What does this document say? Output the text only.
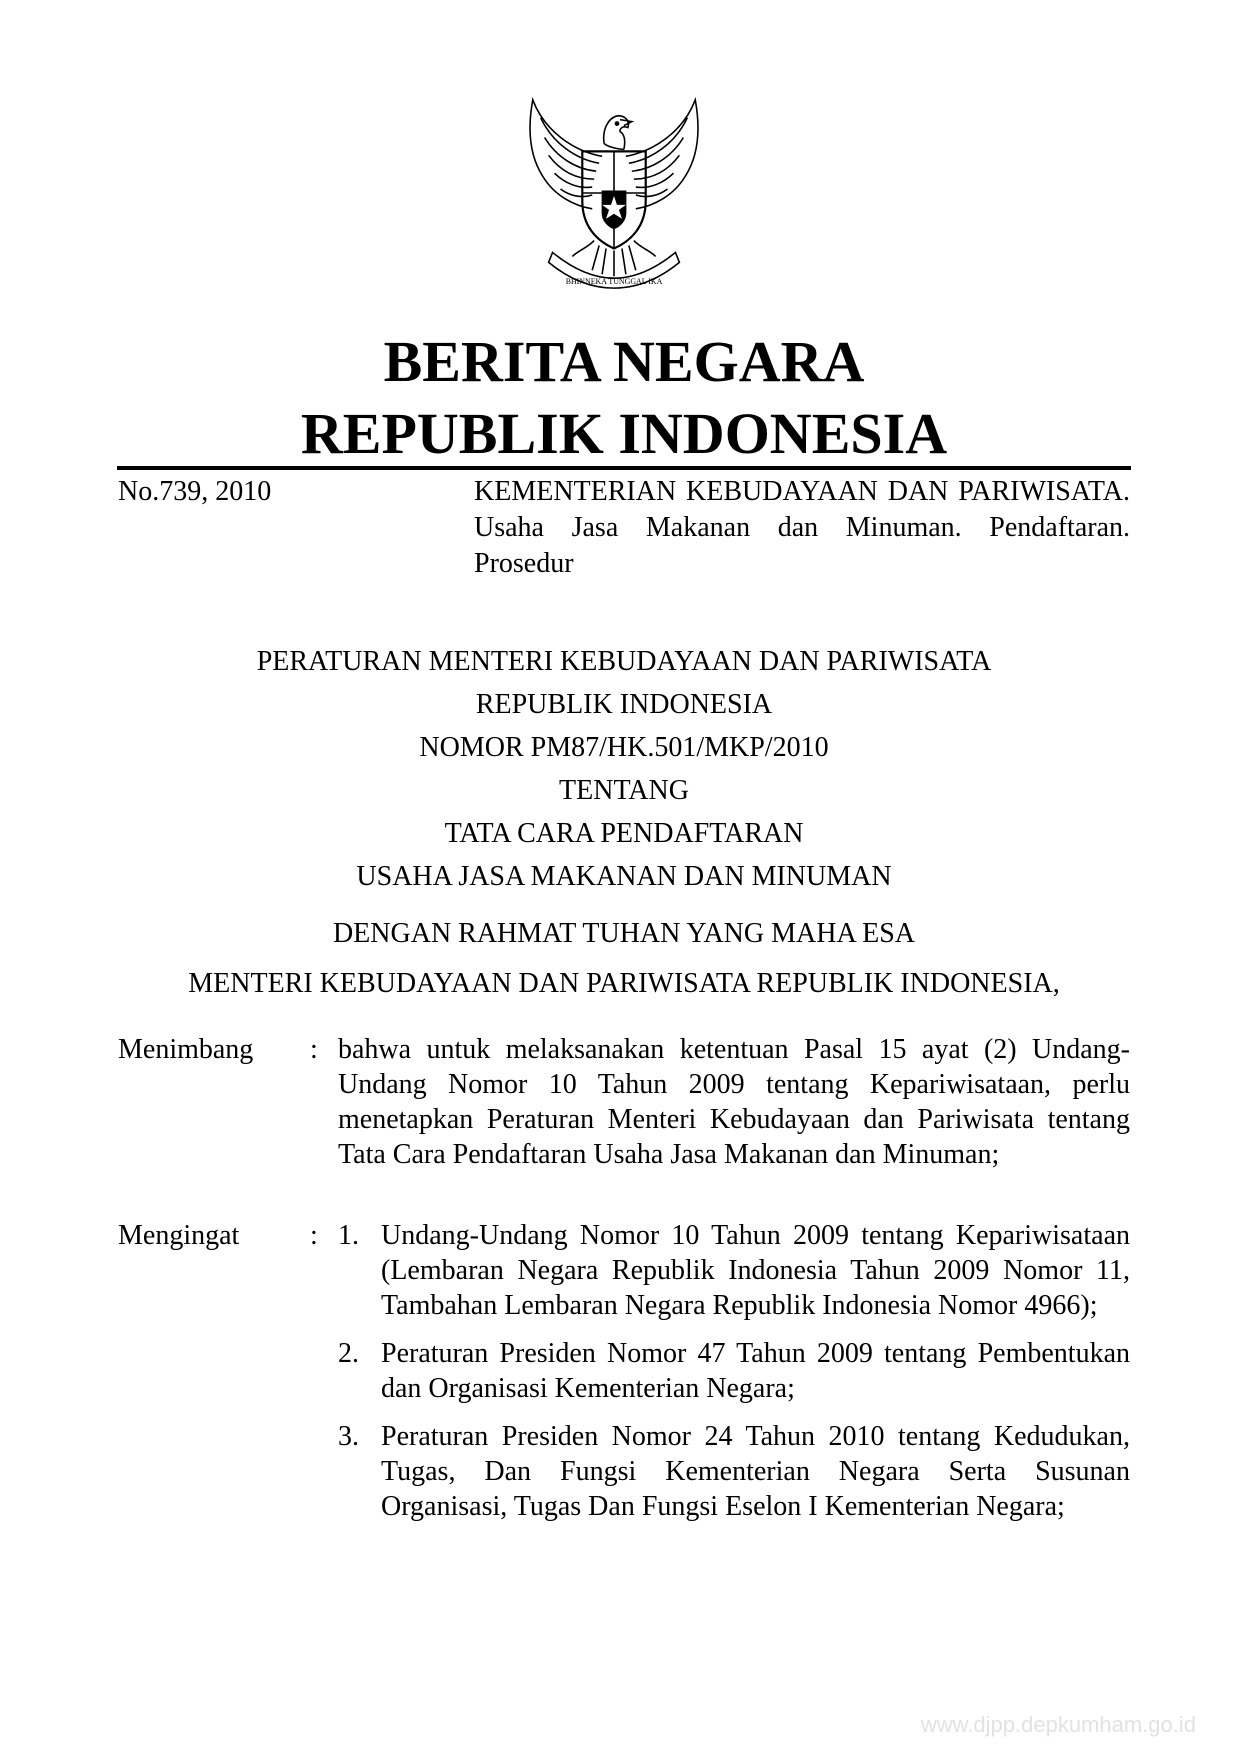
BHINNEKA TUNGGAL IKA
BERITA NEGARA
REPUBLIK INDONESIA
No.739, 2010	KEMENTERIAN KEBUDAYAAN DAN PARIWISATA. Usaha Jasa Makanan dan Minuman. Pendaftaran. Prosedur
PERATURAN MENTERI KEBUDAYAAN DAN PARIWISATA
REPUBLIK INDONESIA
NOMOR PM87/HK.501/MKP/2010
TENTANG
TATA CARA PENDAFTARAN
USAHA JASA MAKANAN DAN MINUMAN
DENGAN RAHMAT TUHAN YANG MAHA ESA
MENTERI KEBUDAYAAN DAN PARIWISATA REPUBLIK INDONESIA,
Menimbang : bahwa untuk melaksanakan ketentuan Pasal 15 ayat (2) Undang-Undang Nomor 10 Tahun 2009 tentang Kepariwisataan, perlu menetapkan Peraturan Menteri Kebudayaan dan Pariwisata tentang Tata Cara Pendaftaran Usaha Jasa Makanan dan Minuman;
Mengingat	: 1. Undang-Undang Nomor 10 Tahun 2009 tentang Kepariwisataan (Lembaran Negara Republik Indonesia Tahun 2009 Nomor 11, Tambahan Lembaran Negara Republik Indonesia Nomor 4966);
2. Peraturan Presiden Nomor 47 Tahun 2009 tentang Pembentukan dan Organisasi Kementerian Negara;
3. Peraturan Presiden Nomor 24 Tahun 2010 tentang Kedudukan, Tugas, Dan Fungsi Kementerian Negara Serta Susunan Organisasi, Tugas Dan Fungsi Eselon I Kementerian Negara;
www.djpp.depkumham.go.id
